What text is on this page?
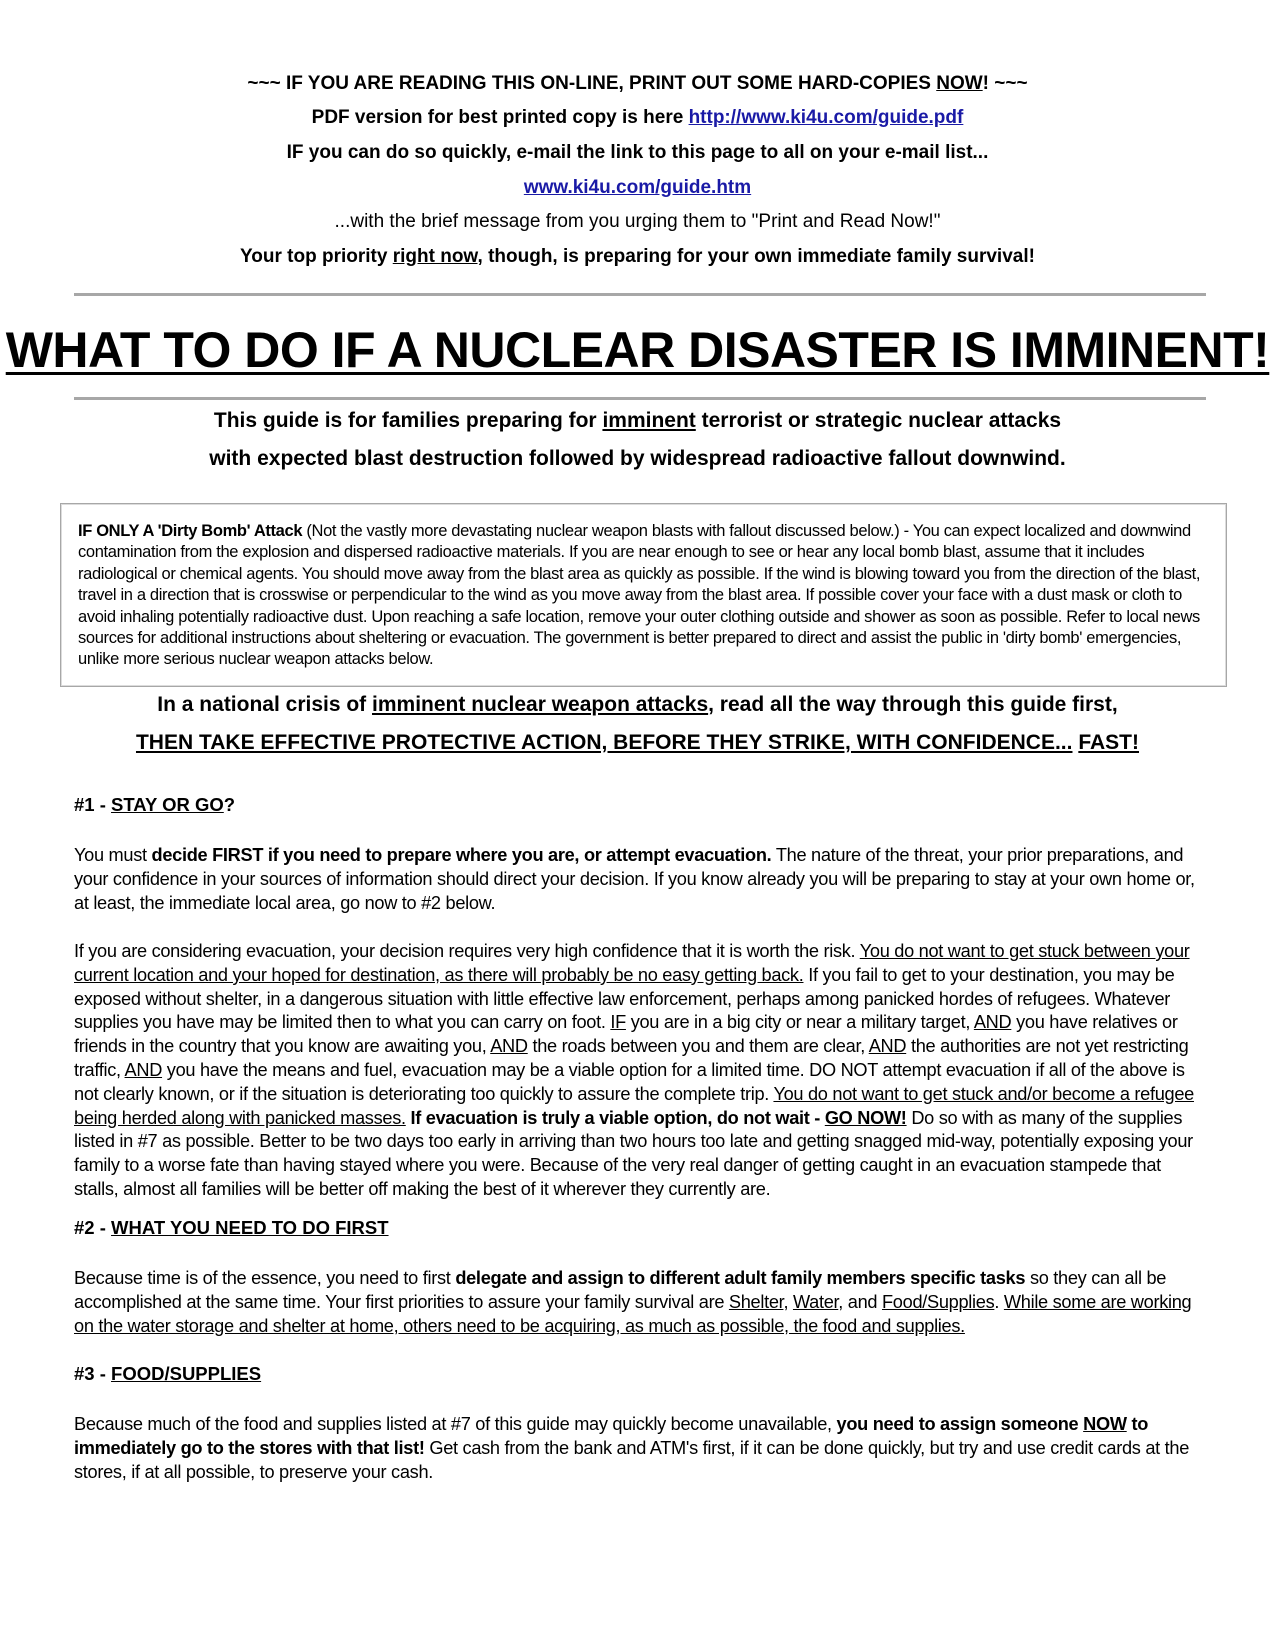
~~~ IF YOU ARE READING THIS ON-LINE, PRINT OUT SOME HARD-COPIES NOW! ~~~
PDF version for best printed copy is here http://www.ki4u.com/guide.pdf
IF you can do so quickly, e-mail the link to this page to all on your e-mail list...
www.ki4u.com/guide.htm
...with the brief message from you urging them to "Print and Read Now!"
Your top priority right now, though, is preparing for your own immediate family survival!
WHAT TO DO IF A NUCLEAR DISASTER IS IMMINENT!
This guide is for families preparing for imminent terrorist or strategic nuclear attacks
with expected blast destruction followed by widespread radioactive fallout downwind.
IF ONLY A 'Dirty Bomb' Attack (Not the vastly more devastating nuclear weapon blasts with fallout discussed below.) - You can expect localized and downwind contamination from the explosion and dispersed radioactive materials. If you are near enough to see or hear any local bomb blast, assume that it includes radiological or chemical agents. You should move away from the blast area as quickly as possible. If the wind is blowing toward you from the direction of the blast, travel in a direction that is crosswise or perpendicular to the wind as you move away from the blast area. If possible cover your face with a dust mask or cloth to avoid inhaling potentially radioactive dust. Upon reaching a safe location, remove your outer clothing outside and shower as soon as possible. Refer to local news sources for additional instructions about sheltering or evacuation. The government is better prepared to direct and assist the public in 'dirty bomb' emergencies, unlike more serious nuclear weapon attacks below.
In a national crisis of imminent nuclear weapon attacks, read all the way through this guide first,
THEN TAKE EFFECTIVE PROTECTIVE ACTION, BEFORE THEY STRIKE, WITH CONFIDENCE... FAST!
#1 - STAY OR GO?
You must decide FIRST if you need to prepare where you are, or attempt evacuation. The nature of the threat, your prior preparations, and your confidence in your sources of information should direct your decision. If you know already you will be preparing to stay at your own home or, at least, the immediate local area, go now to #2 below.
If you are considering evacuation, your decision requires very high confidence that it is worth the risk. You do not want to get stuck between your current location and your hoped for destination, as there will probably be no easy getting back. If you fail to get to your destination, you may be exposed without shelter, in a dangerous situation with little effective law enforcement, perhaps among panicked hordes of refugees. Whatever supplies you have may be limited then to what you can carry on foot. IF you are in a big city or near a military target, AND you have relatives or friends in the country that you know are awaiting you, AND the roads between you and them are clear, AND the authorities are not yet restricting traffic, AND you have the means and fuel, evacuation may be a viable option for a limited time. DO NOT attempt evacuation if all of the above is not clearly known, or if the situation is deteriorating too quickly to assure the complete trip. You do not want to get stuck and/or become a refugee being herded along with panicked masses. If evacuation is truly a viable option, do not wait - GO NOW! Do so with as many of the supplies listed in #7 as possible. Better to be two days too early in arriving than two hours too late and getting snagged mid-way, potentially exposing your family to a worse fate than having stayed where you were. Because of the very real danger of getting caught in an evacuation stampede that stalls, almost all families will be better off making the best of it wherever they currently are.
#2 - WHAT YOU NEED TO DO FIRST
Because time is of the essence, you need to first delegate and assign to different adult family members specific tasks so they can all be accomplished at the same time. Your first priorities to assure your family survival are Shelter, Water, and Food/Supplies. While some are working on the water storage and shelter at home, others need to be acquiring, as much as possible, the food and supplies.
#3 - FOOD/SUPPLIES
Because much of the food and supplies listed at #7 of this guide may quickly become unavailable, you need to assign someone NOW to immediately go to the stores with that list! Get cash from the bank and ATM's first, if it can be done quickly, but try and use credit cards at the stores, if at all possible, to preserve your cash.
